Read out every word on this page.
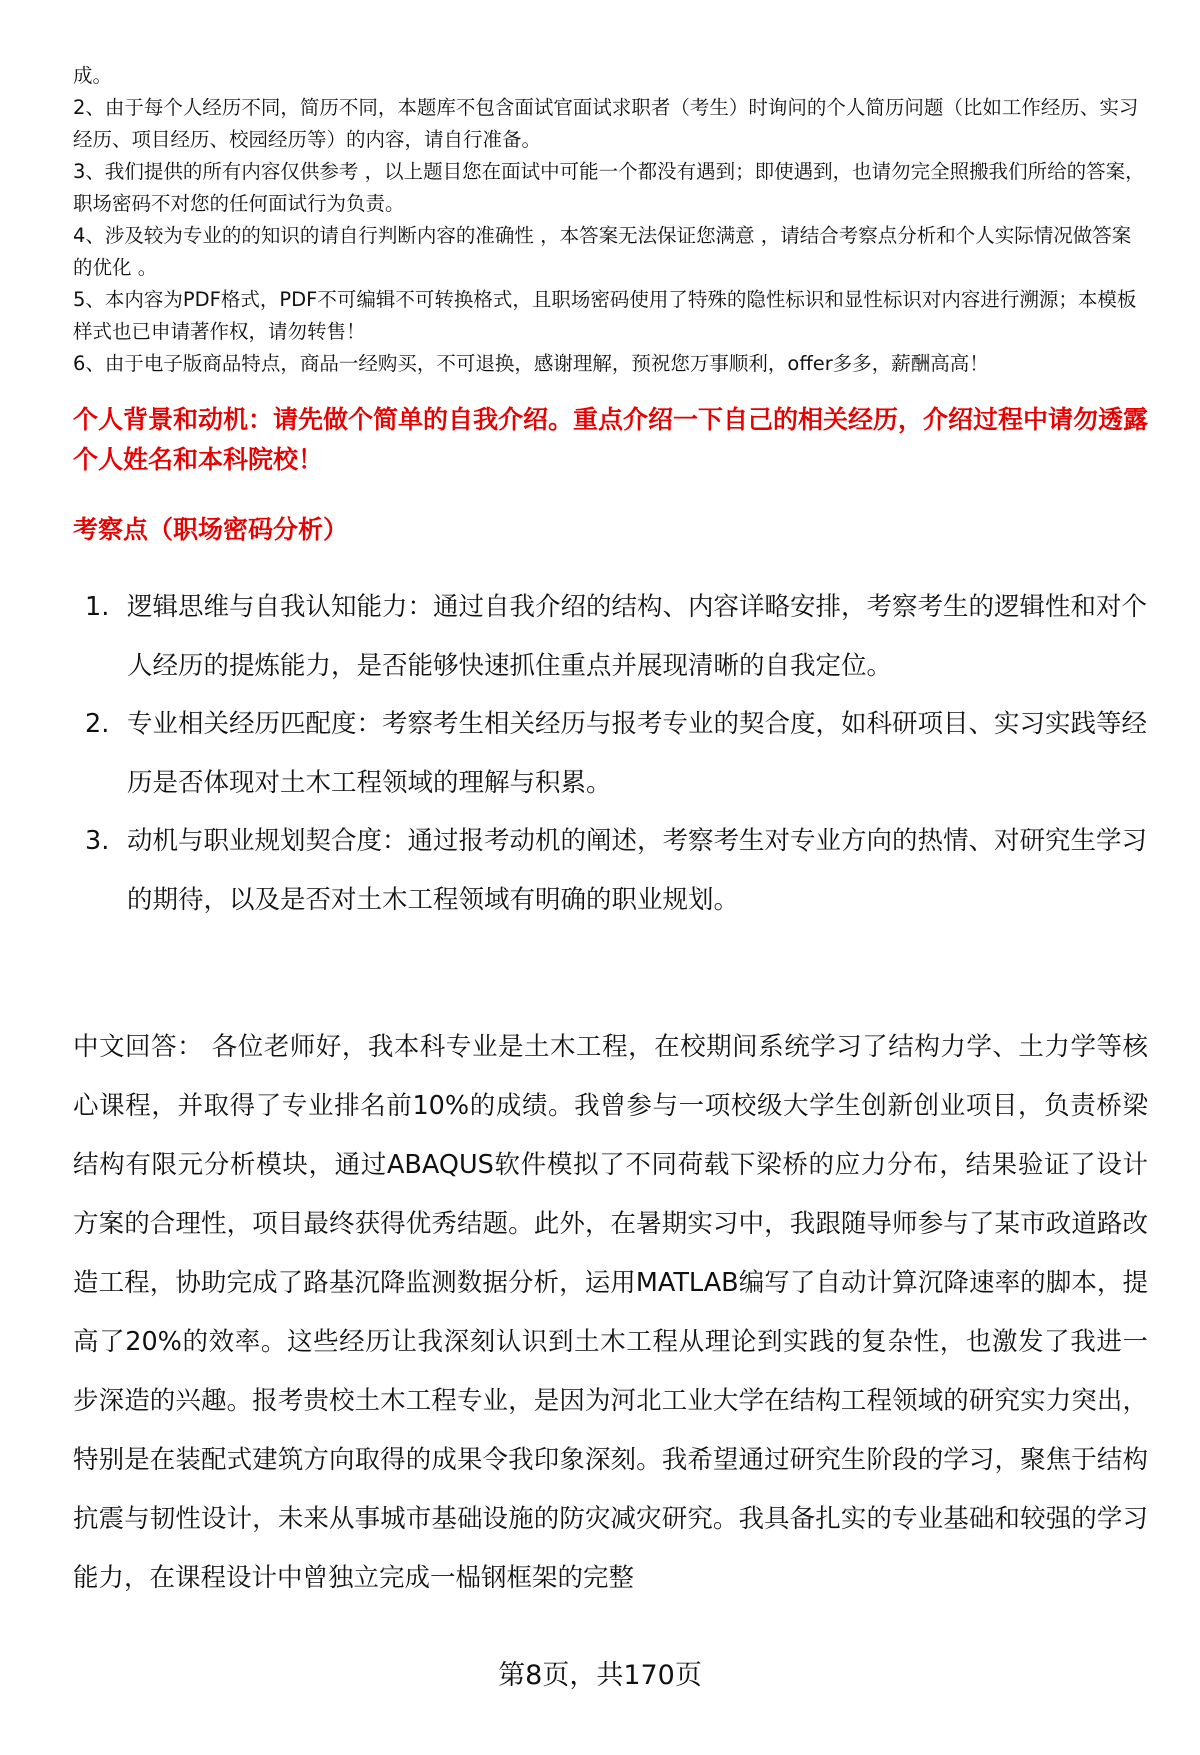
成。

2、由于每个人经历不同，简历不同，本题库不包含面试官面试求职者（考生）时询问的个人简历问题（比如工作经历、实习经历、项目经历、校园经历等）的内容，请自行准备。

3、我们提供的所有内容仅供参考 ，以上题目您在面试中可能一个都没有遇到；即使遇到，也请勿完全照搬我们所给的答案，职场密码不对您的任何面试行为负责。

4、涉及较为专业的的知识的请自行判断内容的准确性 ，本答案无法保证您满意 ，请结合考察点分析和个人实际情况做答案的优化 。

5、本内容为PDF格式，PDF不可编辑不可转换格式，且职场密码使用了特殊的隐性标识和显性标识对内容进行溯源；本模板样式也已申请著作权，请勿转售！

6、由于电子版商品特点，商品一经购买，不可退换，感谢理解，预祝您万事顺利，offer多多，薪酬高高！

个人背景和动机：请先做个简单的自我介绍。重点介绍一下自己的相关经历，介绍过程中请勿透露个人姓名和本科院校！

考察点（职场密码分析）

1. 逻辑思维与自我认知能力：通过自我介绍的结构、内容详略安排，考察考生的逻辑性和对个人经历的提炼能力，是否能够快速抓住重点并展现清晰的自我定位。
2. 专业相关经历匹配度：考察考生相关经历与报考专业的契合度，如科研项目、实习实践等经历是否体现对土木工程领域的理解与积累。
3. 动机与职业规划契合度：通过报考动机的阐述，考察考生对专业方向的热情、对研究生学习的期待，以及是否对土木工程领域有明确的职业规划。

中文回答： 各位老师好，我本科专业是土木工程，在校期间系统学习了结构力学、土力学等核心课程，并取得了专业排名前10%的成绩。我曾参与一项校级大学生创新创业项目，负责桥梁结构有限元分析模块，通过ABAQUS软件模拟了不同荷载下梁桥的应力分布，结果验证了设计方案的合理性，项目最终获得优秀结题。此外，在暑期实习中，我跟随导师参与了某市政道路改造工程，协助完成了路基沉降监测数据分析，运用MATLAB编写了自动计算沉降速率的脚本，提高了20%的效率。这些经历让我深刻认识到土木工程从理论到实践的复杂性，也激发了我进一步深造的兴趣。报考贵校土木工程专业，是因为河北工业大学在结构工程领域的研究实力突出，特别是在装配式建筑方向取得的成果令我印象深刻。我希望通过研究生阶段的学习，聚焦于结构抗震与韧性设计，未来从事城市基础设施的防灾减灾研究。我具备扎实的专业基础和较强的学习能力，在课程设计中曾独立完成一榀钢框架的完整

第8页，共170页
